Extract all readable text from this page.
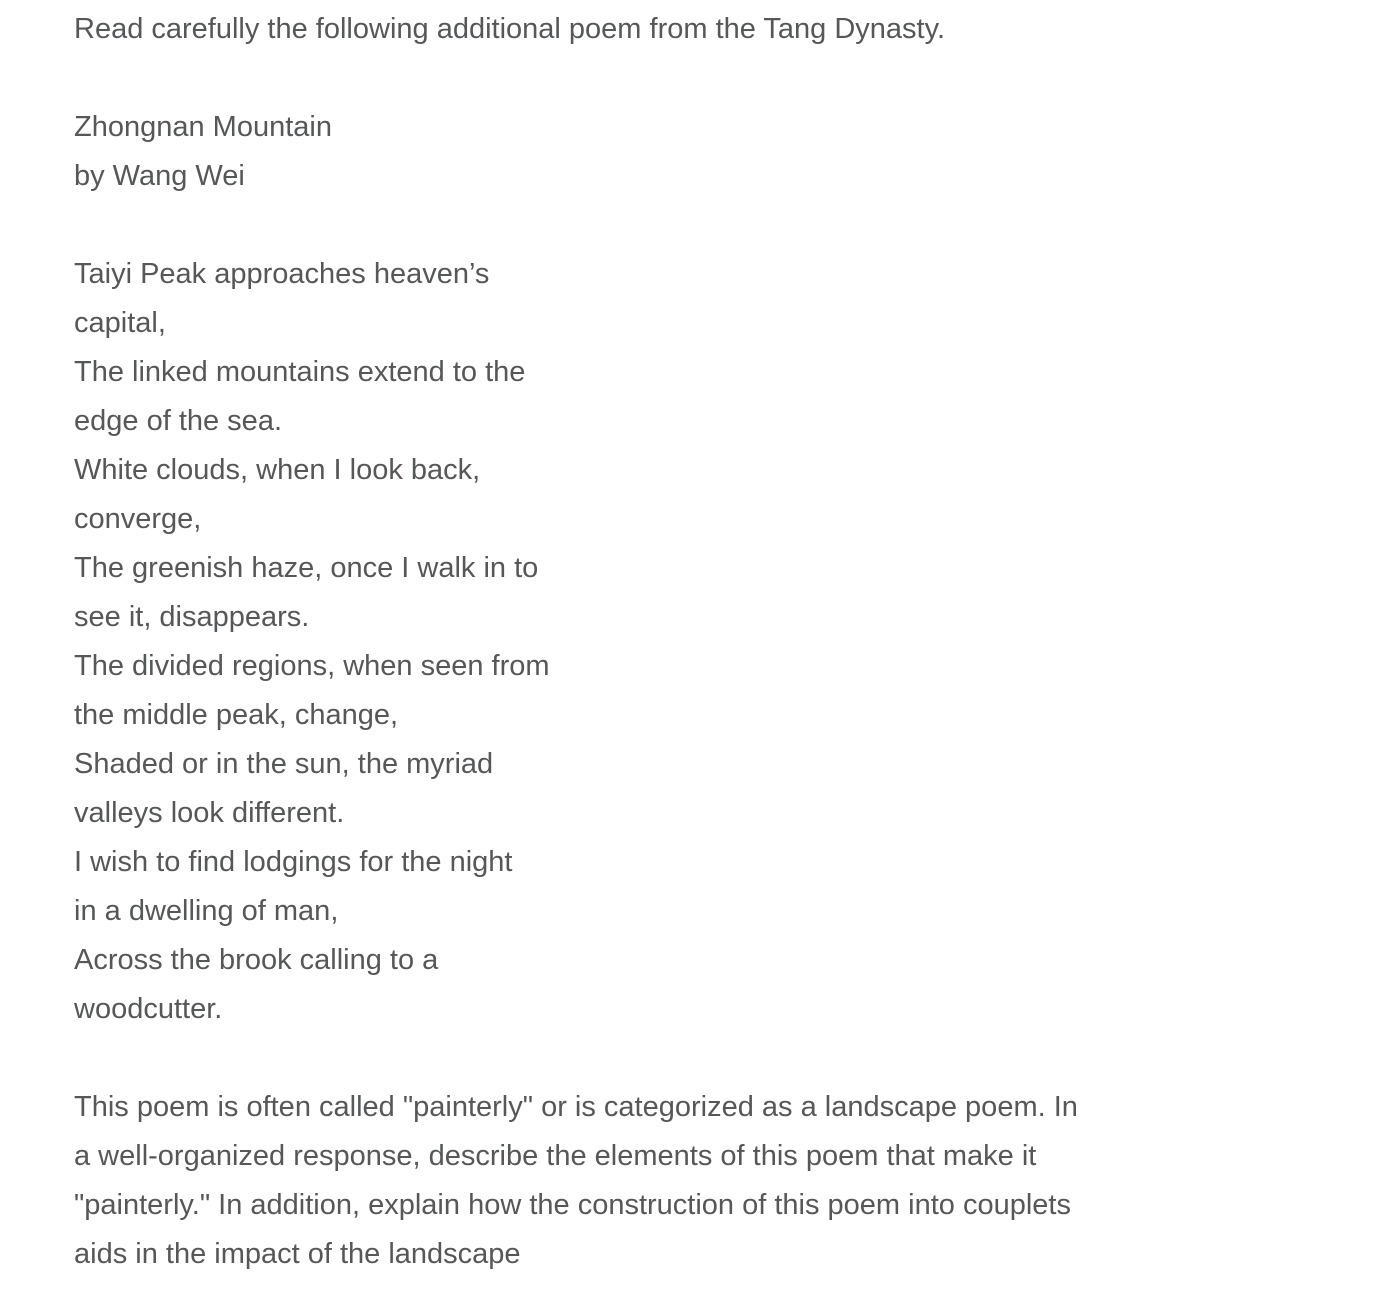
Read carefully the following additional poem from the Tang Dynasty.
Zhongnan Mountain
by Wang Wei
Taiyi Peak approaches heaven’s
capital,
The linked mountains extend to the
edge of the sea.
White clouds, when I look back,
converge,
The greenish haze, once I walk in to
see it, disappears.
The divided regions, when seen from
the middle peak, change,
Shaded or in the sun, the myriad
valleys look different.
I wish to find lodgings for the night
in a dwelling of man,
Across the brook calling to a
woodcutter.
This poem is often called "painterly" or is categorized as a landscape poem. In
a well-organized response, describe the elements of this poem that make it
"painterly." In addition, explain how the construction of this poem into couplets
aids in the impact of the landscape
